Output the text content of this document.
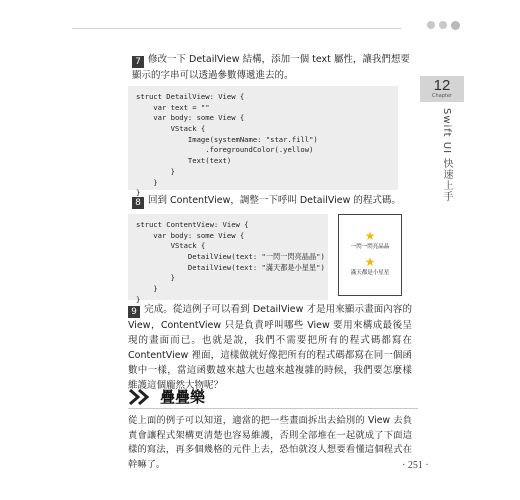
12
Chapter
Swift UI 快速上手
7 修改一下 DetailView 結構，添加一個 text 屬性，讓我們想要顯示的字串可以透過參數傳遞進去的。
struct DetailView: View {
var text = ""
var body: some View {
VStack {
Image(systemName: "star.fill")
.foregroundColor(.yellow)
Text(text)
}
}
}
8 回到 ContentView，調整一下呼叫 DetailView 的程式碼。
struct ContentView: View {
var body: some View {
VStack {
DetailView(text: "一閃一閃亮晶晶")
DetailView(text: "滿天都是小星星")
}
}
}
★
一閃一閃亮晶晶
★
滿天都是小星星
9 完成。從這例子可以看到 DetailView 才是用來顯示畫面內容的 View，ContentView 只是負責呼叫哪些 View 要用來構成最後呈現的畫面而已。也就是說，我們不需要把所有的程式碼都寫在 ContentView 裡面，這樣做就好像把所有的程式碼都寫在同一個函數中一樣，當這函數越來越大也越來越複雜的時候，我們要怎麼樣維護這個龐然大物呢？
疊疊樂
從上面的例子可以知道，適當的把一些畫面拆出去給別的 View 去負責會讓程式架構更清楚也容易維護，否則全部堆在一起就成了下面這樣的寫法，再多個幾格的元件上去，恐怕就沒人想要看懂這個程式在幹嘛了。	· 251 ·
